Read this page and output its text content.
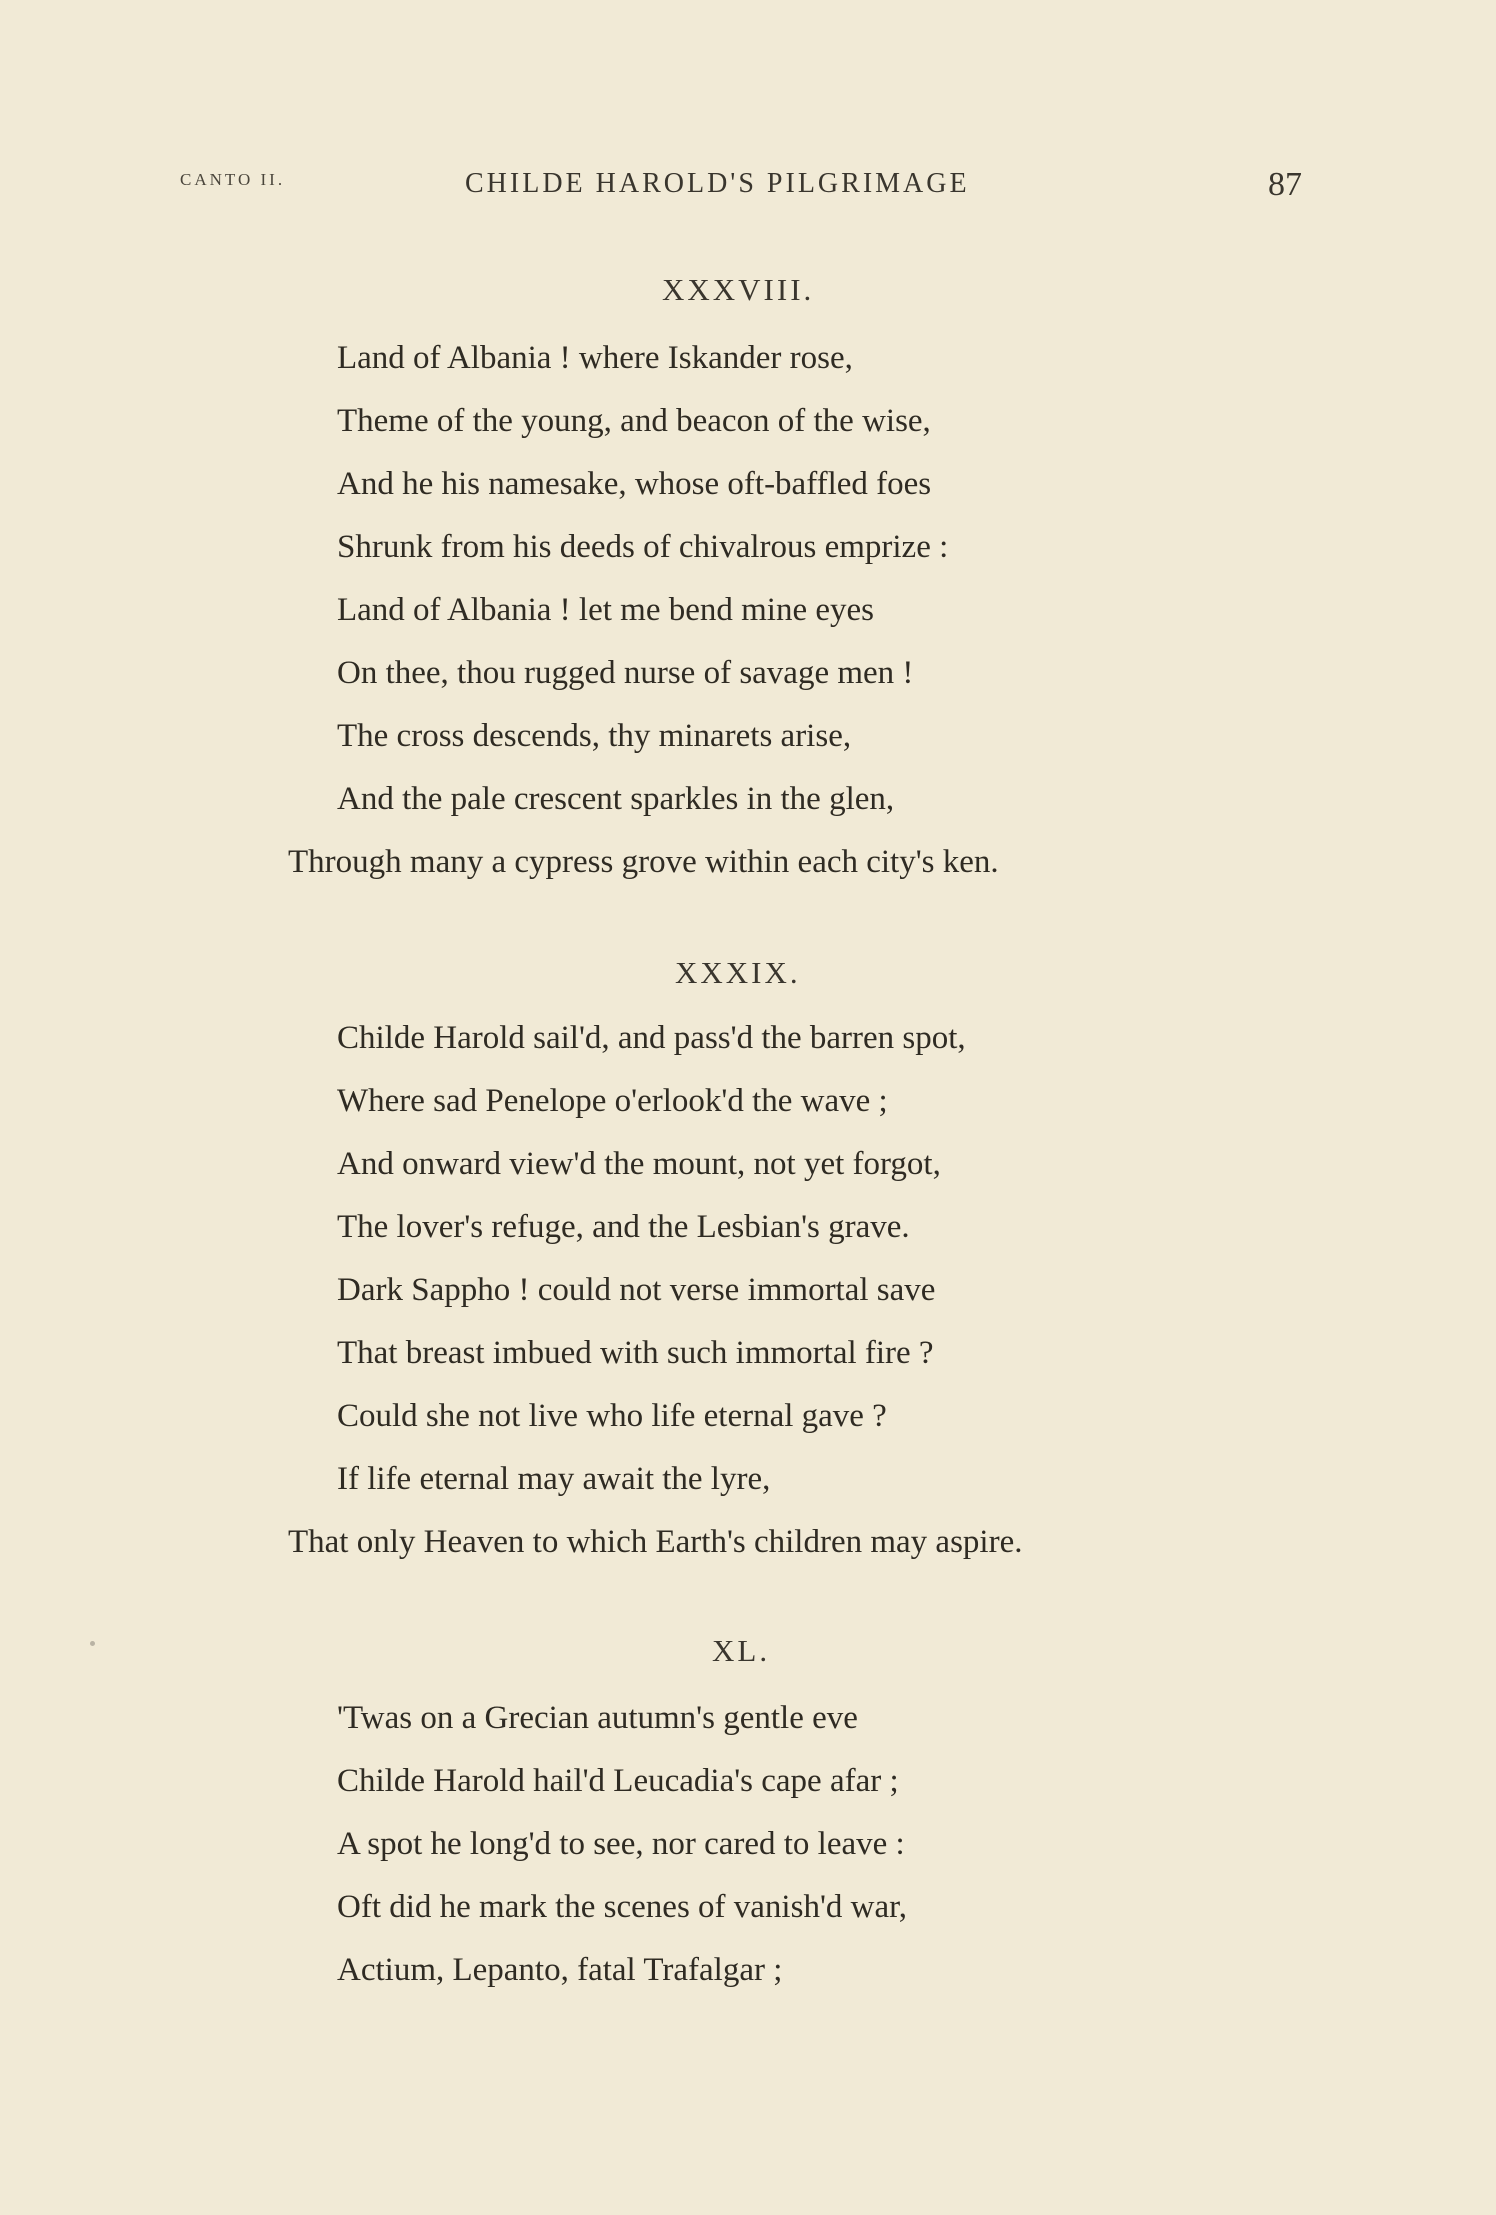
CANTO II.	CHILDE HAROLD'S PILGRIMAGE	87
XXXVIII.
Land of Albania ! where Iskander rose,
Theme of the young, and beacon of the wise,
And he his namesake, whose oft-baffled foes
Shrunk from his deeds of chivalrous emprize :
Land of Albania ! let me bend mine eyes
On thee, thou rugged nurse of savage men !
The cross descends, thy minarets arise,
And the pale crescent sparkles in the glen,
Through many a cypress grove within each city's ken.
XXXIX.
Childe Harold sail'd, and pass'd the barren spot,
Where sad Penelope o'erlook'd the wave ;
And onward view'd the mount, not yet forgot,
The lover's refuge, and the Lesbian's grave.
Dark Sappho ! could not verse immortal save
That breast imbued with such immortal fire ?
Could she not live who life eternal gave ?
If life eternal may await the lyre,
That only Heaven to which Earth's children may aspire.
XL.
'Twas on a Grecian autumn's gentle eve
Childe Harold hail'd Leucadia's cape afar ;
A spot he long'd to see, nor cared to leave :
Oft did he mark the scenes of vanish'd war,
Actium, Lepanto, fatal Trafalgar ;
